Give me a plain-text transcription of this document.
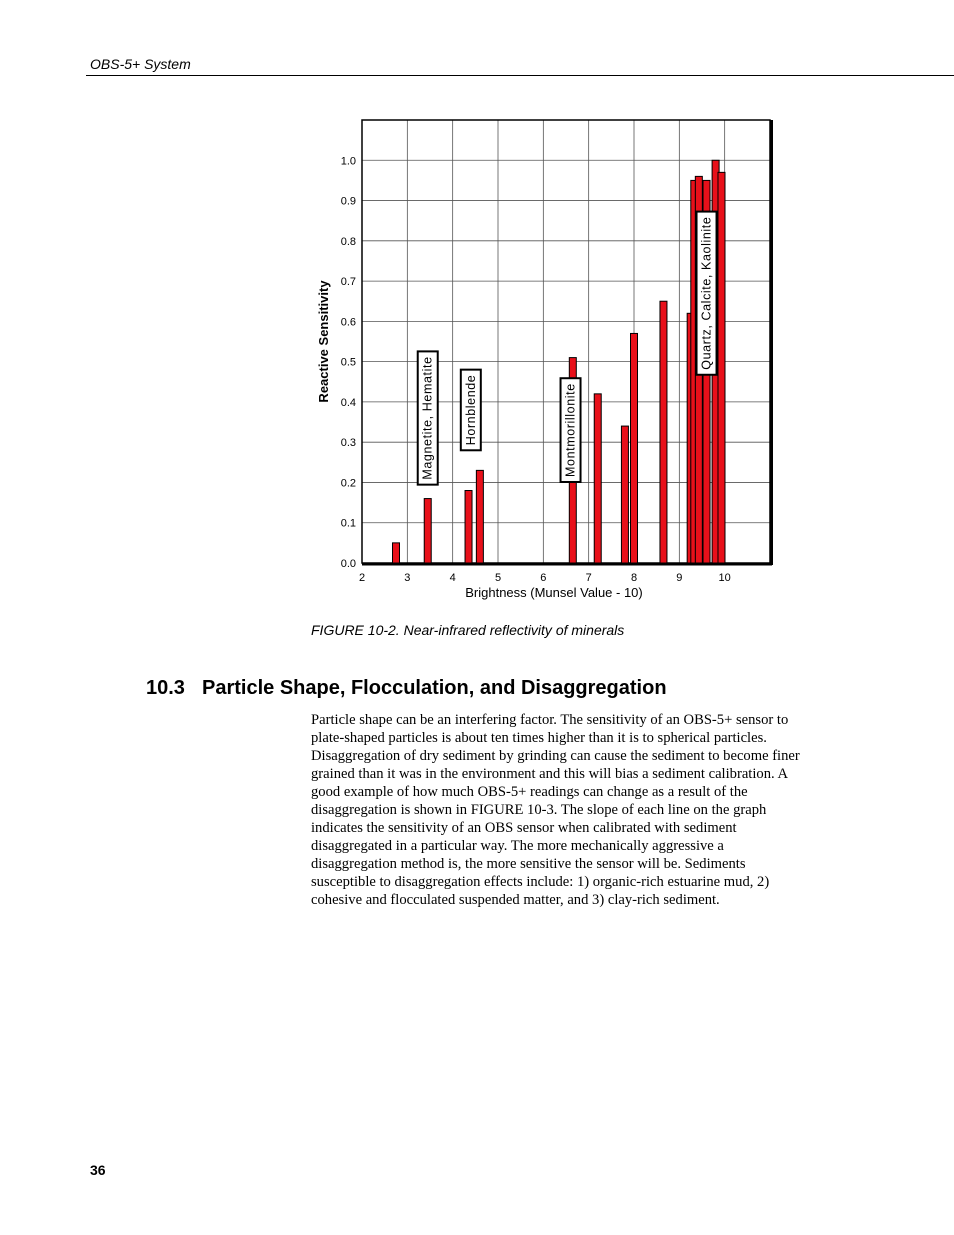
OBS-5+ System
Magnetite, Hematite Hornblende	Montmorillonite
Quartz, Calcite, Kaolinite
0.0
0.1
0.2
0.3
0.4
0.5
0.6
0.7
0.8
0.9
1.0
2	3	4	5	6	7	8	9	10
Brightness (Munsel Value - 10)
Reactive Sensitivity
FIGURE 10-2. Near-infrared reflectivity of minerals
10.3 Particle Shape, Flocculation, and Disaggregation

Particle shape can be an interfering factor. The sensitivity of an OBS-5+ sensor to plate-shaped particles is about ten times higher than it is to spherical particles. Disaggregation of dry sediment by grinding can cause the sediment to become finer grained than it was in the environment and this will bias a sediment calibration. A good example of how much OBS-5+ readings can change as a result of the disaggregation is shown in FIGURE 10-3. The slope of each line on the graph indicates the sensitivity of an OBS sensor when calibrated with sediment disaggregated in a particular way. The more mechanically aggressive a disaggregation method is, the more sensitive the sensor will be. Sediments susceptible to disaggregation effects include: 1) organic-rich estuarine mud, 2) cohesive and flocculated suspended matter, and 3) clay-rich sediment.

36
